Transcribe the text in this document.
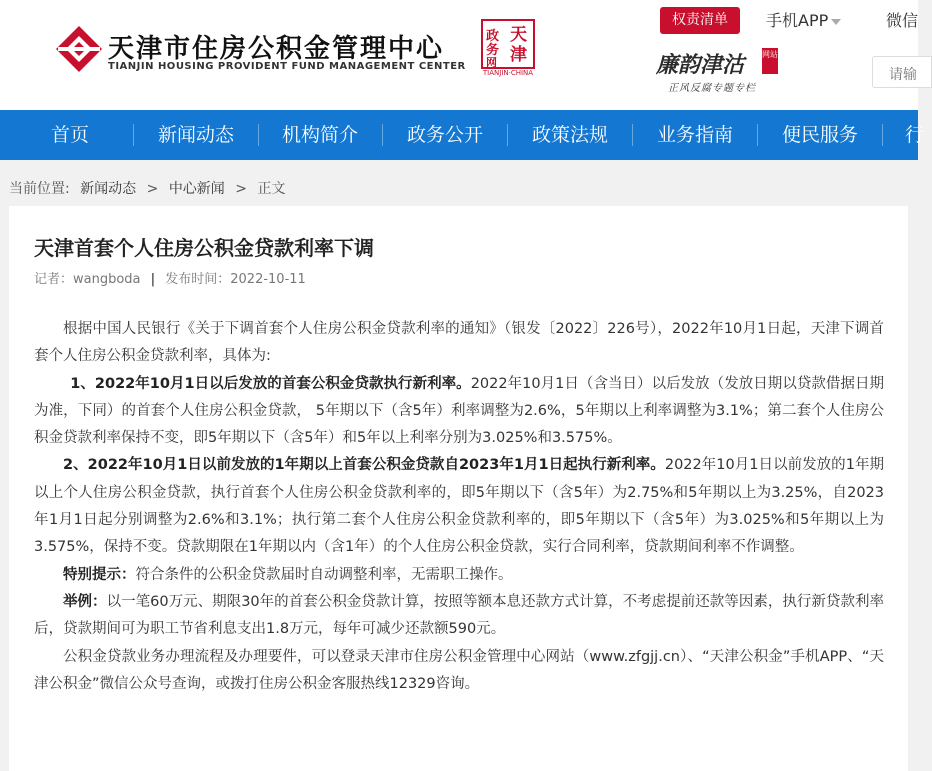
天津市住房公积金管理中心
TIANJIN HOUSING PROVIDENT FUND MANAGEMENT CENTER
天
津
政
务
网
TIANJIN·CHINA
权责清单	手机APP	微信
廉韵津沽 网站
正风反腐专题专栏
请输
首页	新闻动态	机构简介	政务公开	政策法规	业务指南	便民服务	行
当前位置: 新闻动态 > 中心新闻 > 正文
天津首套个人住房公积金贷款利率下调
记者：wangboda | 发布时间：2022-10-11

根据中国人民银行《关于下调首套个人住房公积金贷款利率的通知》（银发〔2022〕226号），2022年10月1日起，天津下调首套个人住房公积金贷款利率，具体为:

1、2022年10月1日以后发放的首套公积金贷款执行新利率。2022年10月1日（含当日）以后发放（发放日期以贷款借据日期为准，下同）的首套个人住房公积金贷款， 5年期以下（含5年）利率调整为2.6%，5年期以上利率调整为3.1%；第二套个人住房公积金贷款利率保持不变，即5年期以下（含5年）和5年以上利率分别为3.025%和3.575%。

2、2022年10月1日以前发放的1年期以上首套公积金贷款自2023年1月1日起执行新利率。2022年10月1日以前发放的1年期以上个人住房公积金贷款，执行首套个人住房公积金贷款利率的，即5年期以下（含5年）为2.75%和5年期以上为3.25%，自2023年1月1日起分别调整为2.6%和3.1%；执行第二套个人住房公积金贷款利率的，即5年期以下（含5年）为3.025%和5年期以上为3.575%，保持不变。贷款期限在1年期以内（含1年）的个人住房公积金贷款，实行合同利率，贷款期间利率不作调整。

特别提示：符合条件的公积金贷款届时自动调整利率，无需职工操作。

举例：以一笔60万元、期限30年的首套公积金贷款计算，按照等额本息还款方式计算，不考虑提前还款等因素，执行新贷款利率后，贷款期间可为职工节省利息支出1.8万元，每年可减少还款额590元。

公积金贷款业务办理流程及办理要件，可以登录天津市住房公积金管理中心网站（www.zfgjj.cn）、“天津公积金”手机APP、“天津公积金”微信公众号查询，或拨打住房公积金客服热线12329咨询。
